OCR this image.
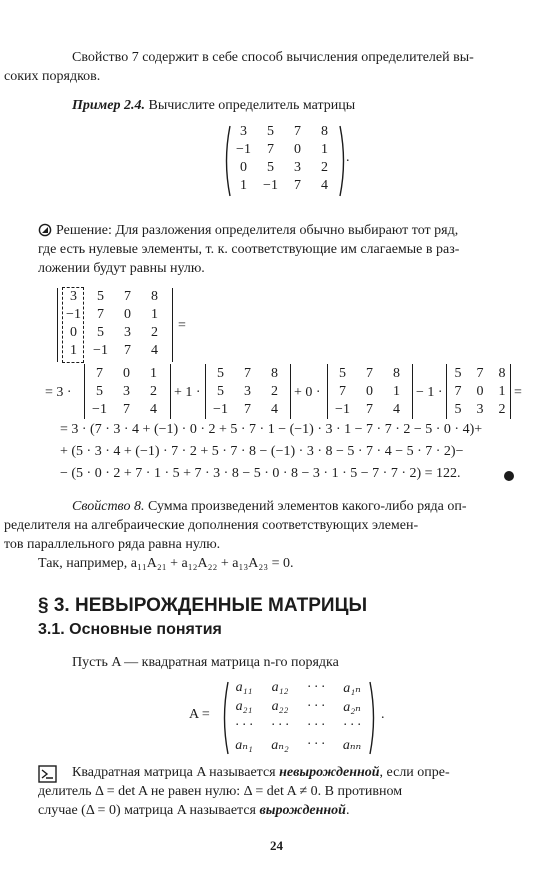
Свойство 7 содержит в себе способ вычисления определителей вы-
соких порядков.
Пример 2.4. Вычислите определитель матрицы
3	5	7	8
−1	7	0	1
0	5	3	2
1	−1	7	4
.
Решение: Для разложения определителя обычно выбирают тот ряд,
где есть нулевые элементы, т. к. соответствующие им слагаемые в раз-
ложении будут равны нулю.
3	5	7	8
−1	7	0	1
0	5	3	2
1	−1	7	4
=
= 3 ·
7	0	1
5	3	2
−1	7	4
+ 1 ·
5	7	8
5	3	2
−1	7	4
+ 0 ·
5	7	8
7	0	1
−1	7	4
− 1 ·
5	7	8
7	0	1
5	3	2
=
= 3 · (7 · 3 · 4 + (−1) · 0 · 2 + 5 · 7 · 1 − (−1) · 3 · 1 − 7 · 7 · 2 − 5 · 0 · 4)+
+ (5 · 3 · 4 + (−1) · 7 · 2 + 5 · 7 · 8 − (−1) · 3 · 8 − 5 · 7 · 4 − 5 · 7 · 2)−
− (5 · 0 · 2 + 7 · 1 · 5 + 7 · 3 · 8 − 5 · 0 · 8 − 3 · 1 · 5 − 7 · 7 · 2) = 122.
Свойство 8. Сумма произведений элементов какого-либо ряда оп-
ределителя на алгебраические дополнения соответствующих элемен-
тов параллельного ряда равна нулю.
Так, например, a₁₁A₂₁ + a₁₂A₂₂ + a₁₃A₂₃ = 0.
§ 3. НЕВЫРОЖДЕННЫЕ МАТРИЦЫ
3.1. Основные понятия
Пусть A — квадратная матрица n-го порядка
A =
a₁₁	a₁₂	· · ·	a₁ₙ
a₂₁	a₂₂	· · ·	a₂ₙ
· · ·	· · ·	· · ·	· · ·
aₙ₁	aₙ₂	· · ·	aₙₙ
.
Квадратная матрица A называется невырожденной, если опре-
делитель Δ = det A не равен нулю: Δ = det A ≠ 0. В противном
случае (Δ = 0) матрица A называется вырожденной.
24
